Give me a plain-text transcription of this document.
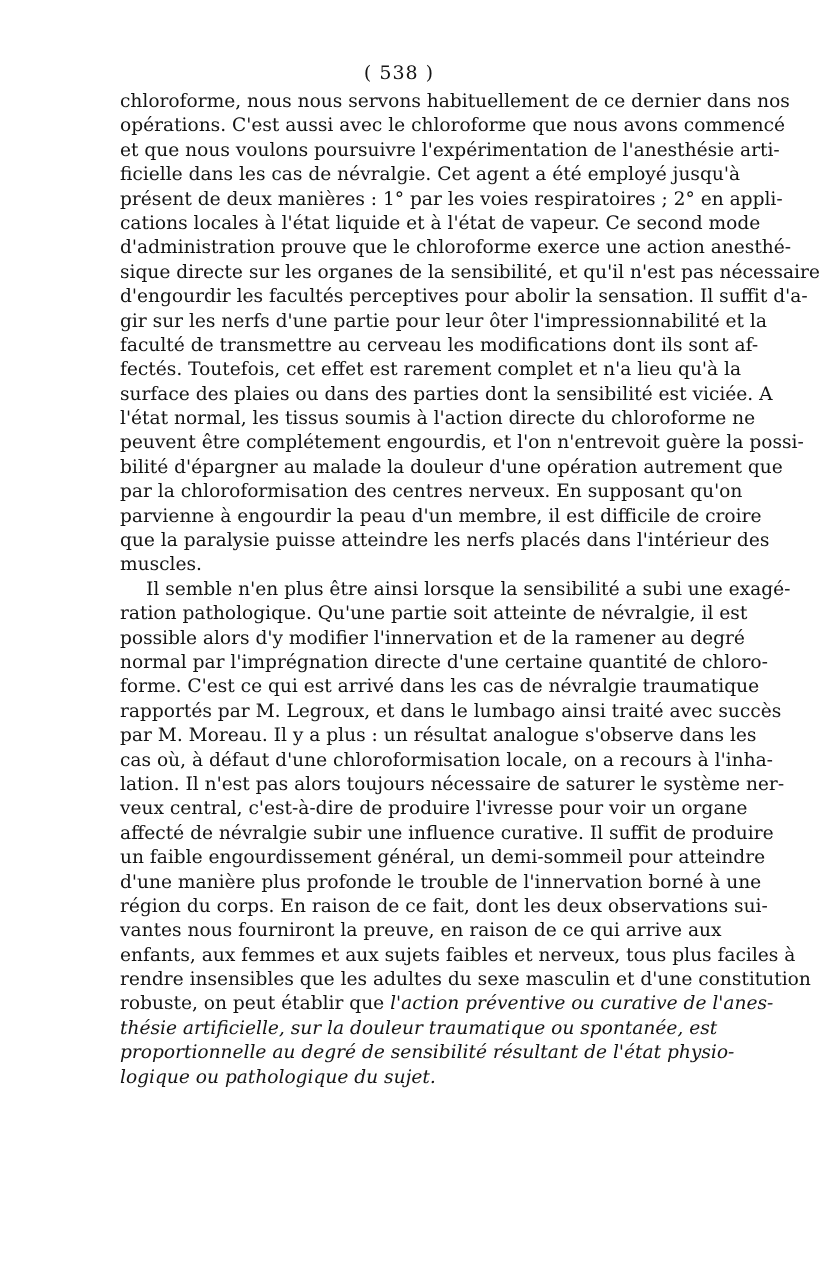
( 538 )
chloroforme, nous nous servons habituellement de ce dernier dans nos
opérations. C'est aussi avec le chloroforme que nous avons commencé
et que nous voulons poursuivre l'expérimentation de l'anesthésie arti-
ficielle dans les cas de névralgie. Cet agent a été employé jusqu'à
présent de deux manières : 1° par les voies respiratoires ; 2° en appli-
cations locales à l'état liquide et à l'état de vapeur. Ce second mode
d'administration prouve que le chloroforme exerce une action anesthé-
sique directe sur les organes de la sensibilité, et qu'il n'est pas nécessaire
d'engourdir les facultés perceptives pour abolir la sensation. Il suffit d'a-
gir sur les nerfs d'une partie pour leur ôter l'impressionnabilité et la
faculté de transmettre au cerveau les modifications dont ils sont af-
fectés. Toutefois, cet effet est rarement complet et n'a lieu qu'à la
surface des plaies ou dans des parties dont la sensibilité est viciée. A
l'état normal, les tissus soumis à l'action directe du chloroforme ne
peuvent être complétement engourdis, et l'on n'entrevoit guère la possi-
bilité d'épargner au malade la douleur d'une opération autrement que
par la chloroformisation des centres nerveux. En supposant qu'on
parvienne à engourdir la peau d'un membre, il est difficile de croire
que la paralysie puisse atteindre les nerfs placés dans l'intérieur des
muscles.
Il semble n'en plus être ainsi lorsque la sensibilité a subi une exagé-
ration pathologique. Qu'une partie soit atteinte de névralgie, il est
possible alors d'y modifier l'innervation et de la ramener au degré
normal par l'imprégnation directe d'une certaine quantité de chloro-
forme. C'est ce qui est arrivé dans les cas de névralgie traumatique
rapportés par M. Legroux, et dans le lumbago ainsi traité avec succès
par M. Moreau. Il y a plus : un résultat analogue s'observe dans les
cas où, à défaut d'une chloroformisation locale, on a recours à l'inha-
lation. Il n'est pas alors toujours nécessaire de saturer le système ner-
veux central, c'est-à-dire de produire l'ivresse pour voir un organe
affecté de névralgie subir une influence curative. Il suffit de produire
un faible engourdissement général, un demi-sommeil pour atteindre
d'une manière plus profonde le trouble de l'innervation borné à une
région du corps. En raison de ce fait, dont les deux observations sui-
vantes nous fourniront la preuve, en raison de ce qui arrive aux
enfants, aux femmes et aux sujets faibles et nerveux, tous plus faciles à
rendre insensibles que les adultes du sexe masculin et d'une constitution
robuste, on peut établir que l'action préventive ou curative de l'anes-
thésie artificielle, sur la douleur traumatique ou spontanée, est
proportionnelle au degré de sensibilité résultant de l'état physio-
logique ou pathologique du sujet.
